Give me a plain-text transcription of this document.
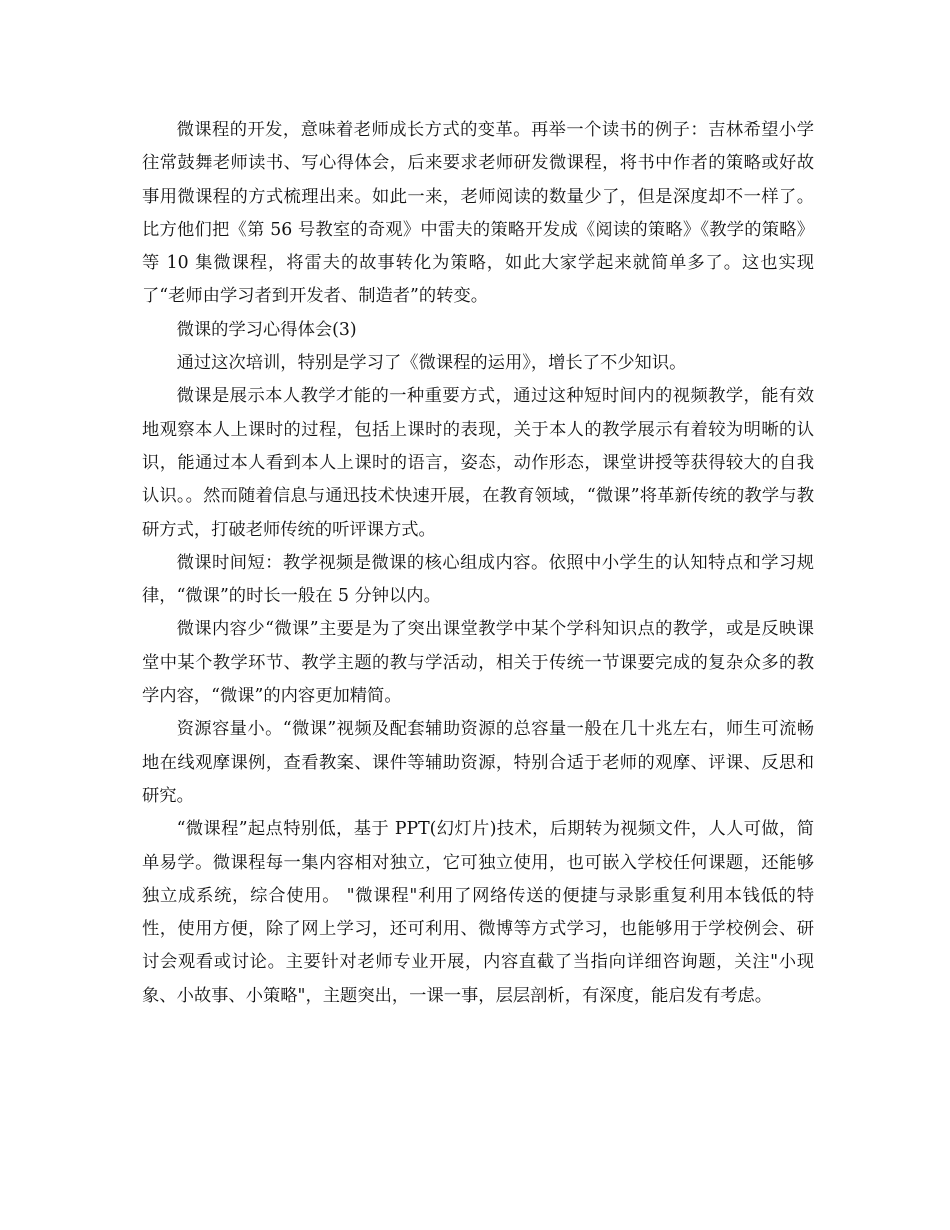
微课程的开发，意味着老师成长方式的变革。再举一个读书的例子：吉林希望小学往常鼓舞老师读书、写心得体会，后来要求老师研发微课程，将书中作者的策略或好故事用微课程的方式梳理出来。如此一来，老师阅读的数量少了，但是深度却不一样了。比方他们把《第 56 号教室的奇观》中雷夫的策略开发成《阅读的策略》《教学的策略》等 10 集微课程，将雷夫的故事转化为策略，如此大家学起来就简单多了。这也实现了“老师由学习者到开发者、制造者”的转变。

微课的学习心得体会(3)

通过这次培训，特别是学习了《微课程的运用》，增长了不少知识。

微课是展示本人教学才能的一种重要方式，通过这种短时间内的视频教学，能有效地观察本人上课时的过程，包括上课时的表现，关于本人的教学展示有着较为明晰的认识，能通过本人看到本人上课时的语言，姿态，动作形态，课堂讲授等获得较大的自我认识。。然而随着信息与通迅技术快速开展，在教育领域，“微课”将革新传统的教学与教研方式，打破老师传统的听评课方式。

微课时间短：教学视频是微课的核心组成内容。依照中小学生的认知特点和学习规律，“微课”的时长一般在 5 分钟以内。

微课内容少“微课”主要是为了突出课堂教学中某个学科知识点的教学，或是反映课堂中某个教学环节、教学主题的教与学活动，相关于传统一节课要完成的复杂众多的教学内容，“微课”的内容更加精简。

资源容量小。“微课”视频及配套辅助资源的总容量一般在几十兆左右，师生可流畅地在线观摩课例，查看教案、课件等辅助资源，特别合适于老师的观摩、评课、反思和研究。

“微课程”起点特别低，基于 PPT(幻灯片)技术，后期转为视频文件，人人可做，简单易学。微课程每一集内容相对独立，它可独立使用，也可嵌入学校任何课题，还能够独立成系统，综合使用。 "微课程"利用了网络传送的便捷与录影重复利用本钱低的特性，使用方便，除了网上学习，还可利用、微博等方式学习，也能够用于学校例会、研讨会观看或讨论。主要针对老师专业开展，内容直截了当指向详细咨询题，关注"小现象、小故事、小策略"，主题突出，一课一事，层层剖析，有深度，能启发有考虑。
